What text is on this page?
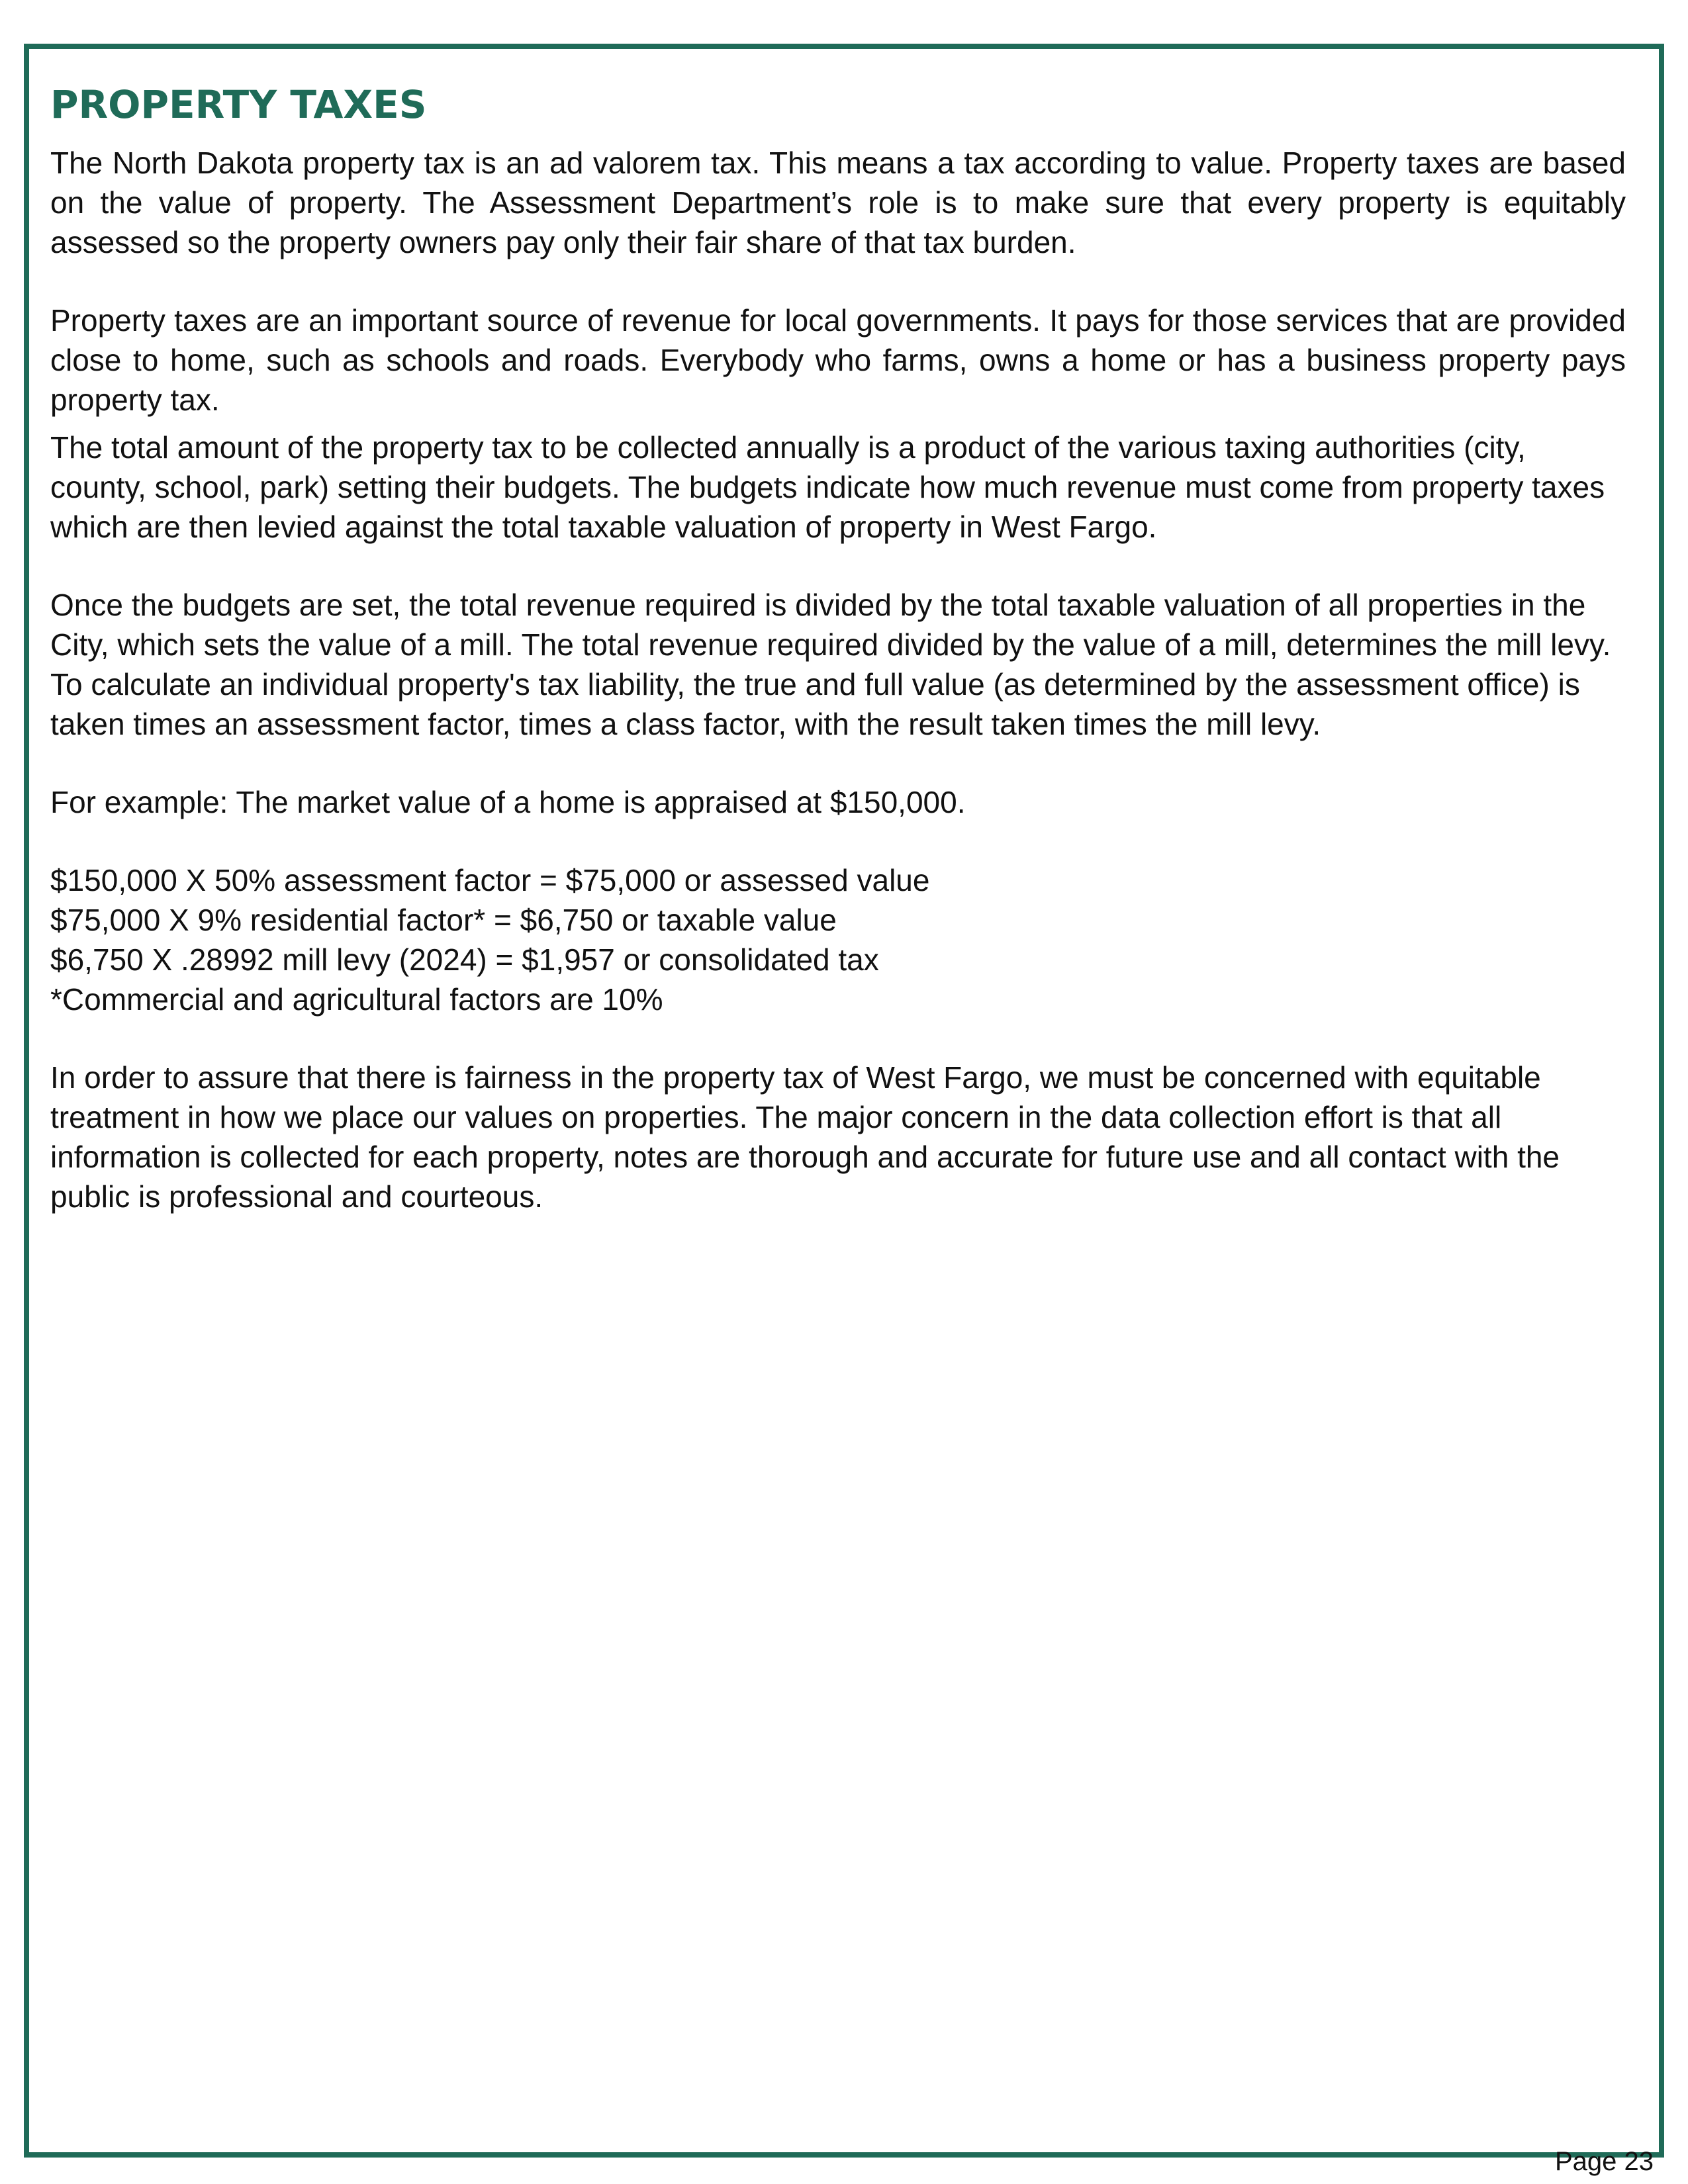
PROPERTY TAXES

The North Dakota property tax is an ad valorem tax. This means a tax according to value. Property taxes are based on the value of property. The Assessment Department’s role is to make sure that every property is equitably assessed so the property owners pay only their fair share of that tax burden.

Property taxes are an important source of revenue for local governments. It pays for those services that are provided close to home, such as schools and roads. Everybody who farms, owns a home or has a business property pays property tax.

The total amount of the property tax to be collected annually is a product of the various taxing authorities (city, county, school, park) setting their budgets. The budgets indicate how much revenue must come from property taxes which are then levied against the total taxable valuation of property in West Fargo.

Once the budgets are set, the total revenue required is divided by the total taxable valuation of all properties in the City, which sets the value of a mill. The total revenue required divided by the value of a mill, determines the mill levy. To calculate an individual property's tax liability, the true and full value (as determined by the assessment office) is taken times an assessment factor, times a class factor, with the result taken times the mill levy.

For example: The market value of a home is appraised at $150,000.

$150,000 X 50% assessment factor = $75,000 or assessed value
$75,000 X 9% residential factor* = $6,750 or taxable value
$6,750 X .28992 mill levy (2024) = $1,957 or consolidated tax
*Commercial and agricultural factors are 10%

In order to assure that there is fairness in the property tax of West Fargo, we must be concerned with equitable treatment in how we place our values on properties. The major concern in the data collection effort is that all information is collected for each property, notes are thorough and accurate for future use and all contact with the public is professional and courteous.

Page 23
